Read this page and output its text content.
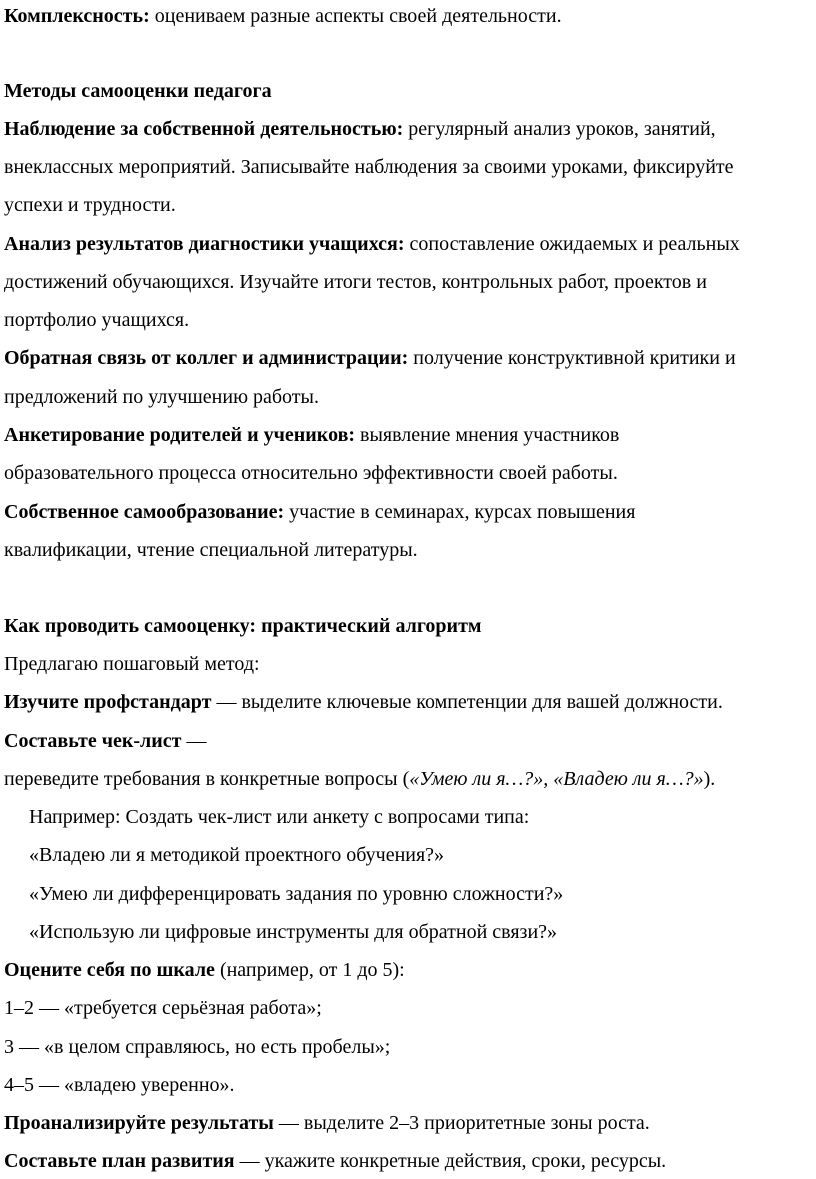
Комплексность: оцениваем разные аспекты своей деятельности.
Методы самооценки педагога
Наблюдение за собственной деятельностью: регулярный анализ уроков, занятий,
внеклассных мероприятий. Записывайте наблюдения за своими уроками, фиксируйте
успехи и трудности.
Анализ результатов диагностики учащихся: сопоставление ожидаемых и реальных
достижений обучающихся. Изучайте итоги тестов, контрольных работ, проектов и
портфолио учащихся.
Обратная связь от коллег и администрации: получение конструктивной критики и
предложений по улучшению работы.
Анкетирование родителей и учеников: выявление мнения участников
образовательного процесса относительно эффективности своей работы.
Собственное самообразование: участие в семинарах, курсах повышения
квалификации, чтение специальной литературы.
Как проводить самооценку: практический алгоритм
Предлагаю пошаговый метод:
Изучите профстандарт — выделите ключевые компетенции для вашей должности.
Составьте чек-лист —
переведите требования в конкретные вопросы («Умею ли я…?», «Владею ли я…?»).
Например: Создать чек-лист или анкету с вопросами типа:
«Владею ли я методикой проектного обучения?»
«Умею ли дифференцировать задания по уровню сложности?»
«Использую ли цифровые инструменты для обратной связи?»
Оцените себя по шкале (например, от 1 до 5):
1–2 — «требуется серьёзная работа»;
3 — «в целом справляюсь, но есть пробелы»;
4–5 — «владею уверенно».
Проанализируйте результаты — выделите 2–3 приоритетные зоны роста.
Составьте план развития — укажите конкретные действия, сроки, ресурсы.
